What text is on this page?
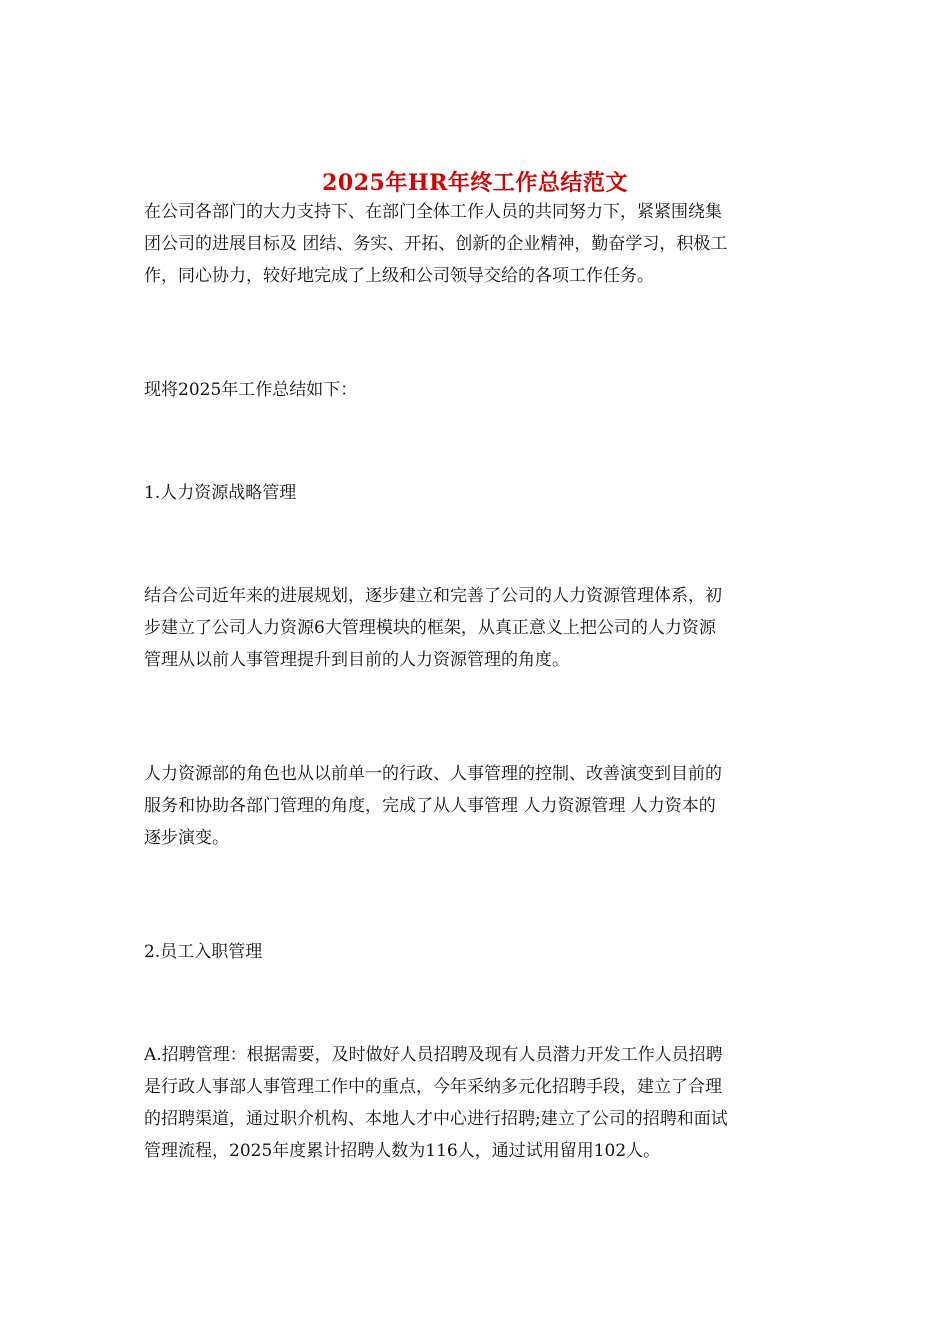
2025年HR年终工作总结范文

在公司各部门的大力支持下、在部门全体工作人员的共同努力下，紧紧围绕集
团公司的进展目标及 团结、务实、开拓、创新的企业精神，勤奋学习，积极工
作，同心协力，较好地完成了上级和公司领导交给的各项工作任务。

现将2025年工作总结如下：

1.人力资源战略管理

结合公司近年来的进展规划，逐步建立和完善了公司的人力资源管理体系，初
步建立了公司人力资源6大管理模块的框架，从真正意义上把公司的人力资源
管理从以前人事管理提升到目前的人力资源管理的角度。

人力资源部的角色也从以前单一的行政、人事管理的控制、改善演变到目前的
服务和协助各部门管理的角度，完成了从人事管理 人力资源管理 人力资本的
逐步演变。

2.员工入职管理

A.招聘管理：根据需要，及时做好人员招聘及现有人员潜力开发工作人员招聘
是行政人事部人事管理工作中的重点，今年采纳多元化招聘手段，建立了合理
的招聘渠道，通过职介机构、本地人才中心进行招聘;建立了公司的招聘和面试
管理流程，2025年度累计招聘人数为116人，通过试用留用102人。
